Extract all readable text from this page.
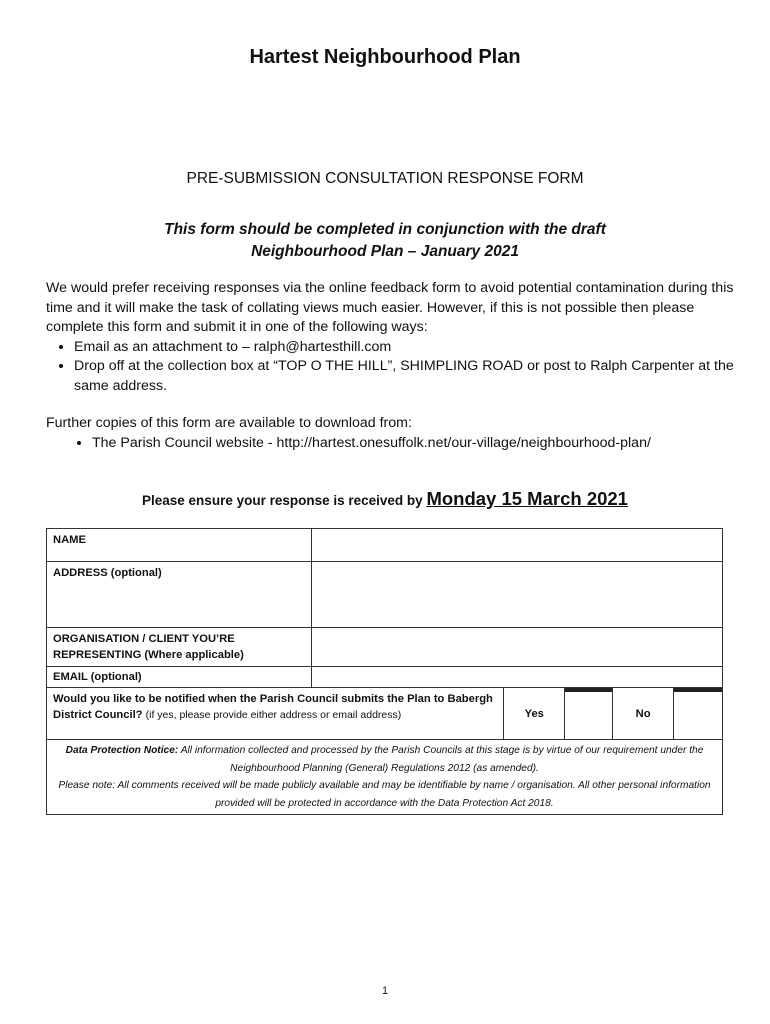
Hartest Neighbourhood Plan
PRE-SUBMISSION CONSULTATION RESPONSE FORM
This form should be completed in conjunction with the draft
Neighbourhood Plan – January 2021

We would prefer receiving responses via the online feedback form to avoid potential contamination during this time and it will make the task of collating views much easier. However, if this is not possible then please complete this form and submit it in one of the following ways:

• Email as an attachment to – ralph@hartesthill.com
• Drop off at the collection box at “TOP O THE HILL”, SHIMPLING ROAD or post to Ralph Carpenter at the same address.

Further copies of this form are available to download from:

• The Parish Council website - http://hartest.onesuffolk.net/our-village/neighbourhood-plan/
Please ensure your response is received by Monday 15 March 2021
NAME					
ADDRESS (optional)					

ORGANISATION / CLIENT YOU’RE
REPRESENTING (Where applicable)					

EMAIL (optional)					
Would you like to be notified when the Parish Council submits the Plan to Babergh District Council? (if yes, please provide either address or email address)		Yes		No	

Data Protection Notice: All information collected and processed by the Parish Councils at this stage is by virtue of our requirement under the Neighbourhood Planning (General) Regulations 2012 (as amended).
Please note: All comments received will be made publicly available and may be identifiable by name / organisation. All other personal information provided will be protected in accordance with the Data Protection Act 2018.					
1
